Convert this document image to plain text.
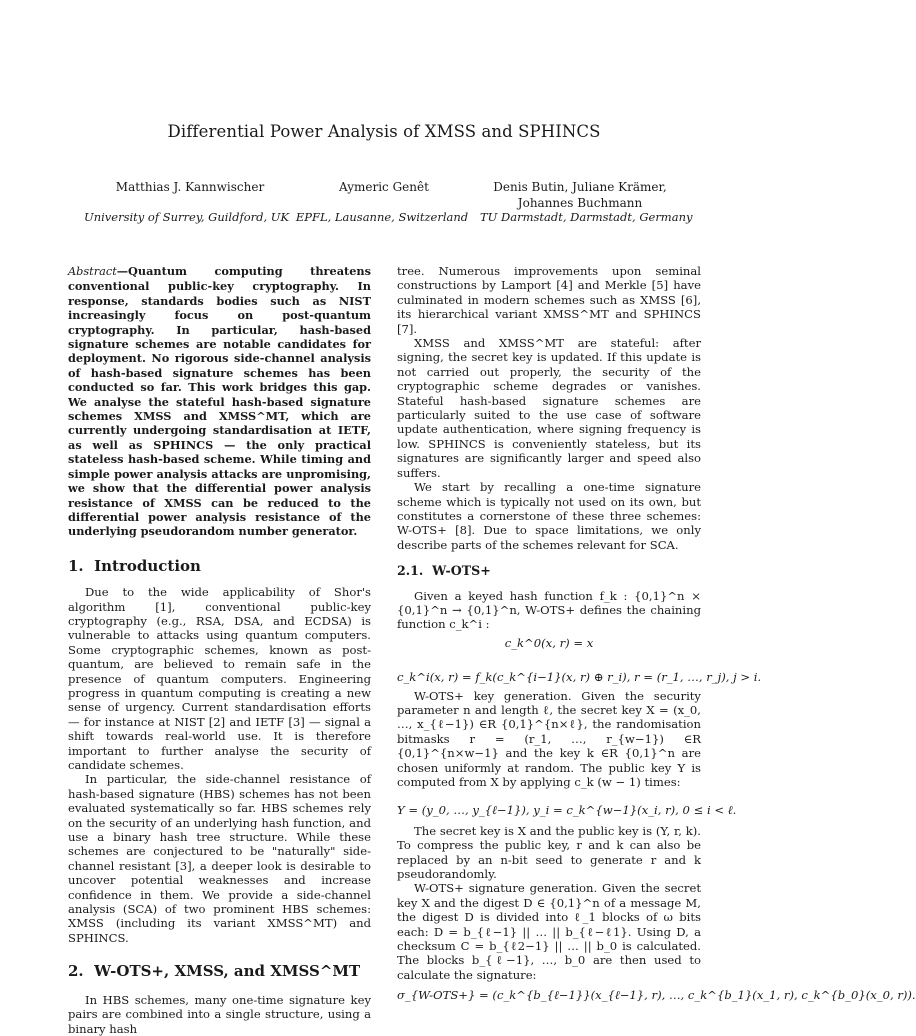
Differential Power Analysis of XMSS and SPHINCS
Matthias J. Kannwischer	Aymeric Genêt	Denis Butin, Juliane Krämer, Johannes Buchmann
University of Surrey, Guildford, UK EPFL, Lausanne, Switzerland	TU Darmstadt, Darmstadt, Germany

Abstract—Quantum computing threatens conventional public-key cryptography. In response, standards bodies such as NIST increasingly focus on post-quantum cryptography. In particular, hash-based signature schemes are notable candidates for deployment. No rigorous side-channel analysis of hash-based signature schemes has been conducted so far. This work bridges this gap. We analyse the stateful hash-based signature schemes XMSS and XMSS^MT, which are currently undergoing standardisation at IETF, as well as SPHINCS — the only practical stateless hash-based scheme. While timing and simple power analysis attacks are unpromising, we show that the differential power analysis resistance of XMSS can be reduced to the differential power analysis resistance of the underlying pseudorandom number generator.

1. Introduction

Due to the wide applicability of Shor's algorithm [1], conventional public-key cryptography (e.g., RSA, DSA, and ECDSA) is vulnerable to attacks using quantum computers. Some cryptographic schemes, known as post-quantum, are believed to remain safe in the presence of quantum computers. Engineering progress in quantum computing is creating a new sense of urgency. Current standardisation efforts — for instance at NIST [2] and IETF [3] — signal a shift towards real-world use. It is therefore important to further analyse the security of candidate schemes.

In particular, the side-channel resistance of hash-based signature (HBS) schemes has not been evaluated systematically so far. HBS schemes rely on the security of an underlying hash function, and use a binary hash tree structure. While these schemes are conjectured to be "naturally" side-channel resistant [3], a deeper look is desirable to uncover potential weaknesses and increase confidence in them. We provide a side-channel analysis (SCA) of two prominent HBS schemes: XMSS (including its variant XMSS^MT) and SPHINCS.

2. W-OTS+, XMSS, and XMSS^MT

In HBS schemes, many one-time signature key pairs are combined into a single structure, using a binary hash

tree. Numerous improvements upon seminal constructions by Lamport [4] and Merkle [5] have culminated in modern schemes such as XMSS [6], its hierarchical variant XMSS^MT and SPHINCS [7].

XMSS and XMSS^MT are stateful: after signing, the secret key is updated. If this update is not carried out properly, the security of the cryptographic scheme degrades or vanishes. Stateful hash-based signature schemes are particularly suited to the use case of software update authentication, where signing frequency is low. SPHINCS is conveniently stateless, but its signatures are significantly larger and speed also suffers.

We start by recalling a one-time signature scheme which is typically not used on its own, but constitutes a cornerstone of these three schemes: W-OTS+ [8]. Due to space limitations, we only describe parts of the schemes relevant for SCA.

2.1. W-OTS+

Given a keyed hash function f_k : {0,1}^n × {0,1}^n → {0,1}^n, W-OTS+ defines the chaining function c_k^i :

c_k^0(x, r) = x
c_k^i(x, r) = f_k(c_k^{i−1}(x, r) ⊕ r_i), r = (r_1, …, r_j), j > i.

W-OTS+ key generation. Given the security parameter n and length ℓ, the secret key X = (x_0, …, x_{ℓ−1}) ∈R {0,1}^{n×ℓ}, the randomisation bitmasks r = (r_1, …, r_{w−1}) ∈R {0,1}^{n×w−1} and the key k ∈R {0,1}^n are chosen uniformly at random. The public key Y is computed from X by applying c_k (w − 1) times:

Y = (y_0, …, y_{ℓ−1}), y_i = c_k^{w−1}(x_i, r), 0 ≤ i < ℓ.

The secret key is X and the public key is (Y, r, k). To compress the public key, r and k can also be replaced by an n-bit seed to generate r and k pseudorandomly.

W-OTS+ signature generation. Given the secret key X and the digest D ∈ {0,1}^n of a message M, the digest D is divided into ℓ_1 blocks of ω bits each: D = b_{ℓ−1} || … || b_{ℓ−ℓ1}. Using D, a checksum C = b_{ℓ2−1} || … || b_0 is calculated. The blocks b_{ℓ−1}, …, b_0 are then used to calculate the signature:

σ_{W-OTS+} = (c_k^{b_{ℓ−1}}(x_{ℓ−1}, r), …, c_k^{b_1}(x_1, r), c_k^{b_0}(x_0, r)).
